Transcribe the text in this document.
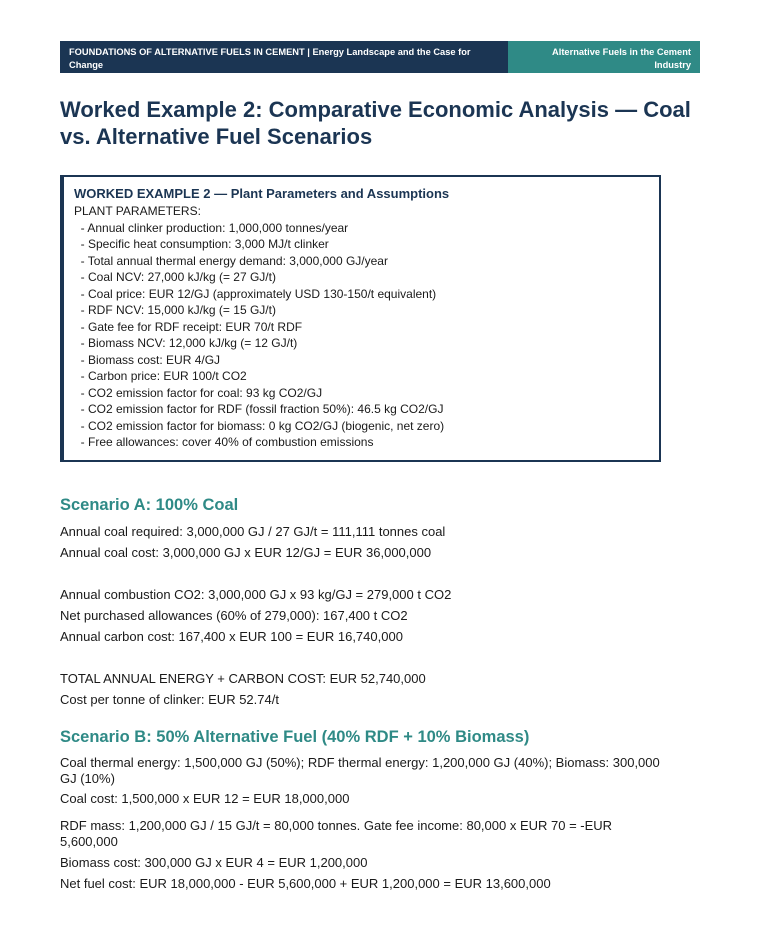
FOUNDATIONS OF ALTERNATIVE FUELS IN CEMENT | Energy Landscape and the Case for Change
Alternative Fuels in the Cement Industry
Worked Example 2: Comparative Economic Analysis — Coal vs. Alternative Fuel Scenarios
WORKED EXAMPLE 2 — Plant Parameters and Assumptions
PLANT PARAMETERS:
- Annual clinker production: 1,000,000 tonnes/year
- Specific heat consumption: 3,000 MJ/t clinker
- Total annual thermal energy demand: 3,000,000 GJ/year
- Coal NCV: 27,000 kJ/kg (= 27 GJ/t)
- Coal price: EUR 12/GJ (approximately USD 130-150/t equivalent)
- RDF NCV: 15,000 kJ/kg (= 15 GJ/t)
- Gate fee for RDF receipt: EUR 70/t RDF
- Biomass NCV: 12,000 kJ/kg (= 12 GJ/t)
- Biomass cost: EUR 4/GJ
- Carbon price: EUR 100/t CO2
- CO2 emission factor for coal: 93 kg CO2/GJ
- CO2 emission factor for RDF (fossil fraction 50%): 46.5 kg CO2/GJ
- CO2 emission factor for biomass: 0 kg CO2/GJ (biogenic, net zero)
- Free allowances: cover 40% of combustion emissions
Scenario A: 100% Coal
Annual coal required: 3,000,000 GJ / 27 GJ/t = 111,111 tonnes coal
Annual coal cost: 3,000,000 GJ x EUR 12/GJ = EUR 36,000,000
Annual combustion CO2: 3,000,000 GJ x 93 kg/GJ = 279,000 t CO2
Net purchased allowances (60% of 279,000): 167,400 t CO2
Annual carbon cost: 167,400 x EUR 100 = EUR 16,740,000
TOTAL ANNUAL ENERGY + CARBON COST: EUR 52,740,000
Cost per tonne of clinker: EUR 52.74/t
Scenario B: 50% Alternative Fuel (40% RDF + 10% Biomass)
Coal thermal energy: 1,500,000 GJ (50%); RDF thermal energy: 1,200,000 GJ (40%); Biomass: 300,000 GJ (10%)
Coal cost: 1,500,000 x EUR 12 = EUR 18,000,000
RDF mass: 1,200,000 GJ / 15 GJ/t = 80,000 tonnes. Gate fee income: 80,000 x EUR 70 = -EUR 5,600,000
Biomass cost: 300,000 GJ x EUR 4 = EUR 1,200,000
Net fuel cost: EUR 18,000,000 - EUR 5,600,000 + EUR 1,200,000 = EUR 13,600,000
